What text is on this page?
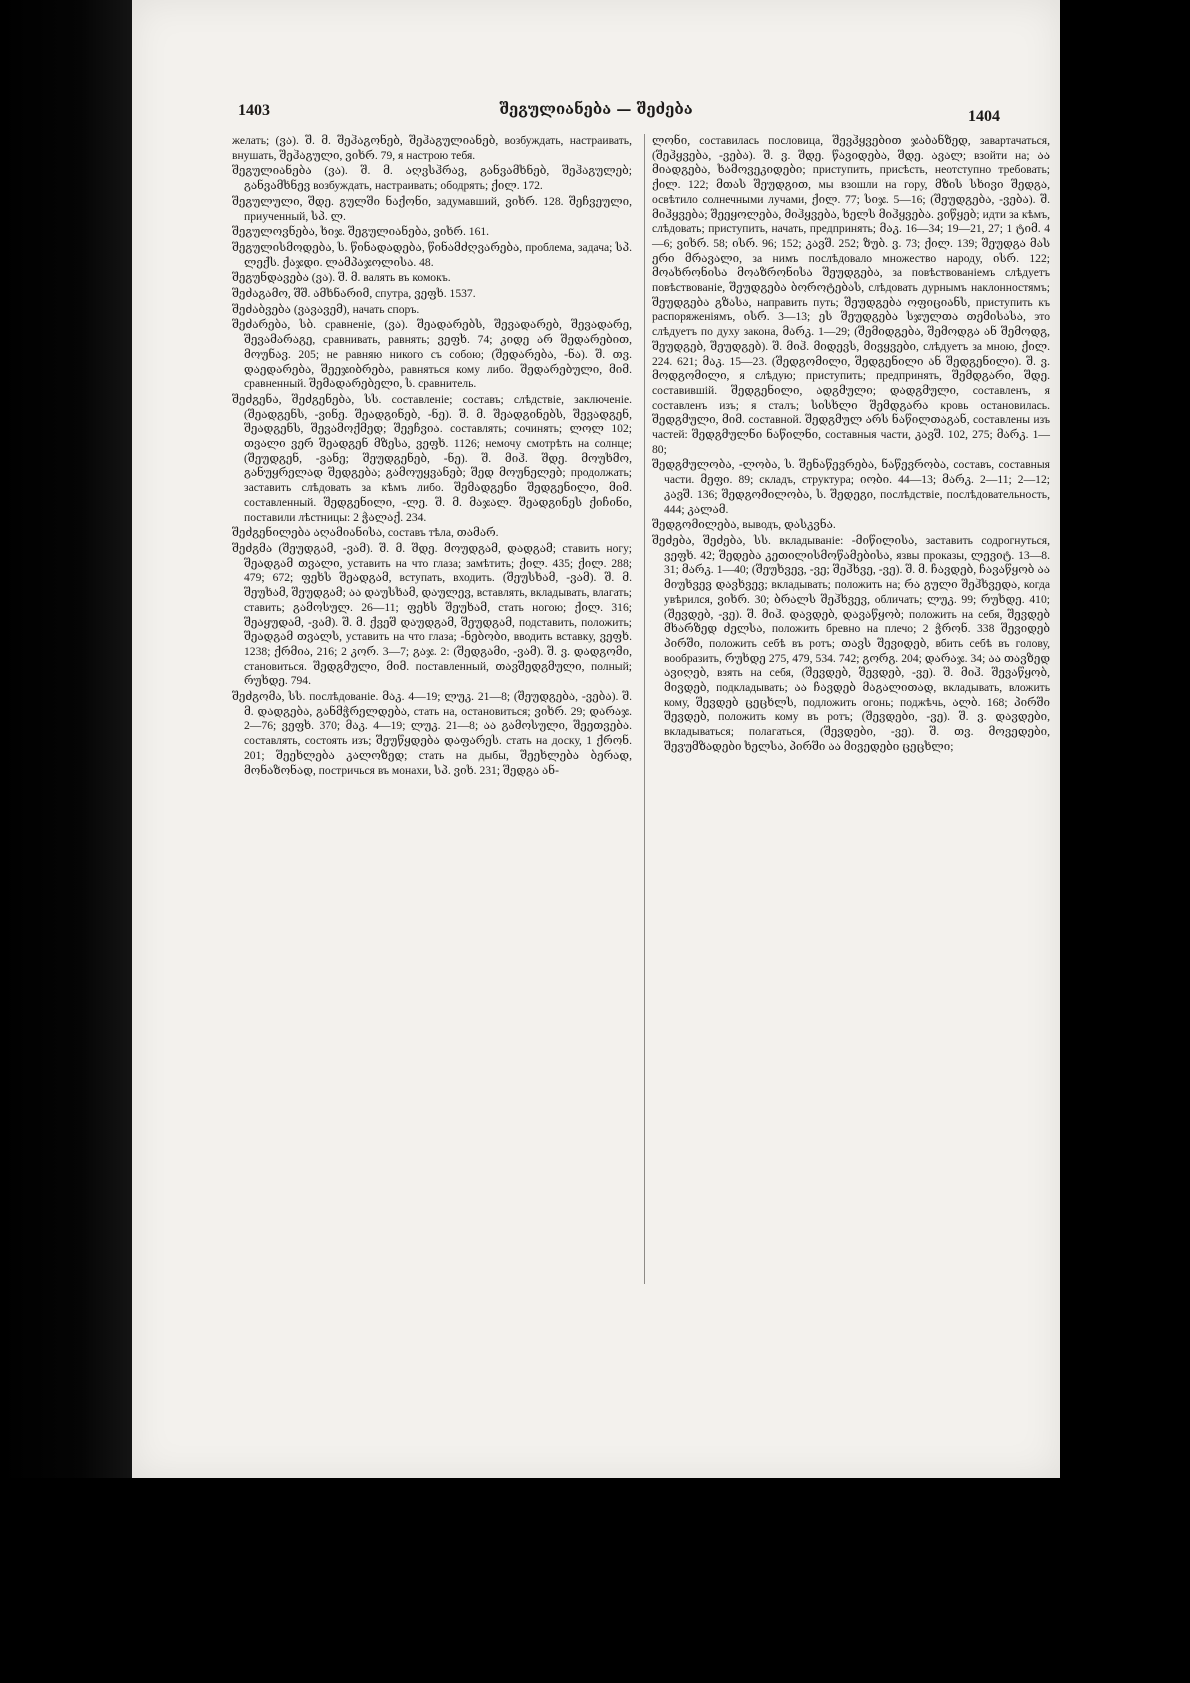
1403	შეგულიანება — შეძება	1404

желать; (ვა). შ. მ. შეჰაგონებ, შეჰაგულიანებ, возбуждать, настраивать, внушать, შეჰაგული, ვიხრ. 79, я настрою тебя.

შეგულიანება (ვა). შ. მ. აღვსჰრავ, განვამხნებ, შეჰაგულებ; განვამხნევ возбуждать, настраивать; ободрять; ქილ. 172.

შეგულული, შდე. გულში ნაქონი, задумавший, ვიხრ. 128. შეჩვეული, приученный, სპ. ლ.

შეგულოვნება, ხიჯ. შეგულიანება, ვიხრ. 161.

შეგულისმოდება, ს. წინადადება, წინამძღვარება, проблема, задача; სპ. ლექს. ქაჯდი. ლამპაჯოლისა. 48.

შეგუნდავება (ვა). შ. მ. валять въ комокъ.

შეძაგამო, შშ. ამხნარიმ, спутра, ვეფხ. 1537.

შეძაბვება (ვავავემ), начать споръ.

შეძარება, სბ. сравненie, (ვა). შეადარებს, შევადარებ, შევადარე, შევამარაგე, сравнивать, равнять; ვეფხ. 74; კიდე არ შედარებით, მოუნავ. 205; не равняю никого съ собою; (შედარება, -ნა). შ. თვ. დაედარება, შეეჯიბრება, равняться кому либо. შედარებული, მიმ. сравненный. შემადარებელი, ს. сравнитель.

შეძგენა, შეძგენება, სს. составленie; составъ; слѣдствiе, заключенiе. (შეადგენს, -ვინე. შეადგინებ, -ნე). შ. მ. შეადგინებს, შევადგენ, შეადგენს, შევამოქმედ; შეეჩვია. составлять; сочинять; ლოლ 102; თვალი ვერ შეადგენ მზესა, ვეფხ. 1126; немочу смотрѣть на солнце; (შეუდგენ, -ვანე; შეუდგენებ, -ნე). შ. მიჰ. შდე. მოუხმო, განუყრელად შედგება; გამოუყვანებ; შედ მოუნელებ; продолжать; заставить слѣдовать за кѣмъ либо. შემადგენი შედგენილი, მიმ. составленный. შედგენილი, -ლე. შ. მ. მაჯალ. შეადგინეს ქიჩინი, поставили лѣстницы: 2 ჭალაქ. 234.

შეძგენილება აღამიანისა, составъ тѣла, თამარ.

შეძგმა (შეუდგამ, -ვამ). შ. მ. შდე. მოუდგამ, დადგამ; ставить ногу; შეადგამ თვალი, уставить на что глаза; замѣтить; ქილ. 435; ქილ. 288; 479; 672; ფეხს შეადგამ, вступать, входить. (შეუსხამ, -ვამ). შ. მ. შეუხამ, შეუდგამ; აა დაუსხამ, დაულევ, вставлять, вкладывать, влагать; ставить; გამოსულ. 26—11; ფეხს შეუხამ, стать ногою; ქილ. 316; შეაყუდამ, -ვამ). შ. მ. ქვეშ დაუდგამ, შეუდგამ, подставить, положить; შეადგამ თვალს, уставить на что глаза; -ნებობი, вводить вставку, ვეფხ. 1238; ქრმია, 216; 2 კორ. 3—7; გაჯ. 2: (შედგამი, -ვამ). შ. ვ. დადგომი, становиться. შედგმული, მიმ. поставленный, თავშედგმული, полный; რუხდე. 794.

შეძგომა, სს. послѣдованiе. მაკ. 4—19; ლუკ. 21—8; (შეუდგება, -ვება). შ. მ. დადგება, განმჭრელდება, стать на, остановиться; ვიხრ. 29; დარაჯ. 2—76; ვეფხ. 370; მაკ. 4—19; ლუკ. 21—8; აა გამოსული, შეეთვება. составлять, состоять изъ; შეუწყდება დაფარეს. стать на доску, 1 ქრონ. 201; შეეხლება კალოზედ; стать на дыбы, შეეხლება ბერად, მონაზონად, постричься въ монахи, სპ. ვიხ. 231; შედგა ან-

ლონი, составилась пословица, შევჰყვებით ჯაბანზედ, завартачаться, (შეჰყვება, -ვება). შ. ვ. შდე. წავიდება, შდე. ავალ; взойти на; აა მიადგება, ხამოვეკიდები; приступить, присѣсть, неотступно требовать; ქილ. 122; მთას შეუდგით, мы взошли на гору, მზის სხივი შედგა, освѣтило солнечными лучами, ქილ. 77; სიჯ. 5—16; (შეუდგება, -ვება). შ. მიჰყვება; შეეყოლება, მიჰყვება, ხელს მიჰყვება. ვიწყებ; идти за кѣмъ, слѣдовать; приступить, начать, предпринять; მაკ. 16—34; 19—21, 27; 1 ტიმ. 4—6; ვიხრ. 58; ისრ. 96; 152; კავშ. 252; ზუბ. ვ. 73; ქილ. 139; შეუდგა მას ერი მრავალი, за нимъ послѣдовало множество народу, ისრ. 122; მოახრონისა მოაზრონისა შეუდგება, за повѣствованiемъ слѣдуетъ повѣствованiе, შეუდგება ბოროტებას, слѣдовать дурнымъ наклонностямъ; შეუდგება გზასა, направить путь; შეუდგება ოფიციანს, приступить къ распоряженiямъ, ისრ. 3—13; ეს შეუდგება სჯულთა თემისასა, это слѣдуетъ по духу закона, მარკ. 1—29; (შემიდგება, შემოდგა ან შემოდგ, შეუდგებ, შეუდგებ). შ. მიჰ. მიდევს, მივყვები, слѣдуетъ за мною, ქილ. 224. 621; მაკ. 15—23. (შედგომილი, შედგენილი ან შედგენილი). შ. ვ. მოდგომილი, я слѣдую; приступить; предпринять, შემდგარი, შდე. составившiй. შედგენილი, ადგმული; დადგმული, составленъ, я составленъ изъ; я сталъ; სისხლი შემდგარა кровь остановилась. შედგმული, მიმ. составной. შედგმულ არს ნაწილთაგან, составлены изъ частей: შედგმულნი ნაწილნი, составныя части, კავშ. 102, 275; მარკ. 1—80;

შედგმულობა, -ლობა, ს. შენაწევრება, ნაწევრობა, составъ, составныя части. მეფი. 89; складъ, структура; იობი. 44—13; მარკ. 2—11; 2—12; კავშ. 136; შედგომილობა, ს. შედეგი, послѣдствiе, послѣдовательность, 444; კალამ.

შედგომილება, выводъ, დასკვნა.

შეძება, შეძება, სს. вкладыванiе: -მიწილისა, заставить содрогнуться, ვეფხ. 42; შედება კეთილისმოწამებისა, язвы проказы, ლევიტ. 13—8. 31; მარკ. 1—40; (შეუხვევ, -ვე; შეჰხვე, -ვე). შ. მ. ჩავდებ, ჩავაწყობ აა მიუხვევ დავხვევ; вкладывать; положить на; რა გული შეჰხვედა, когда увѣрился, ვიხრ. 30; ბრალს შეჰხვევ, обличать; ლუკ. 99; რუხდე. 410; (შევდებ, -ვე). შ. მიჰ. დავდებ, დავაწყობ; положить на себя, შევდებ მხარზედ ძელსა, положить бревно на плечо; 2 ჭრონ. 338 შევიდებ პირში, положить себѣ въ ротъ; თავს შევიდებ, вбить себѣ въ голову, вообразить, რუხდე 275, 479, 534. 742; გორგ. 204; დარაჯ. 34; აა თავზედ ავიღებ, взять на себя, (შევდებ, შევდებ, -ვე). შ. მიჰ. შევაწყობ, მივდებ, подкладывать; აა ჩავდებ მაგალითად, вкладывать, вложить кому, შევდებ ცეცხლს, подложить огонь; поджѣчь, ალბ. 168; პირში შევდებ, положить кому въ ротъ; (შევდები, -ვე). შ. ვ. დავდები, вкладываться; полагаться, (შევდები, -ვე). შ. თვ. მოვედები, შევუმზადები ხელსა, პირში აა მივედები ცეცხლი;
